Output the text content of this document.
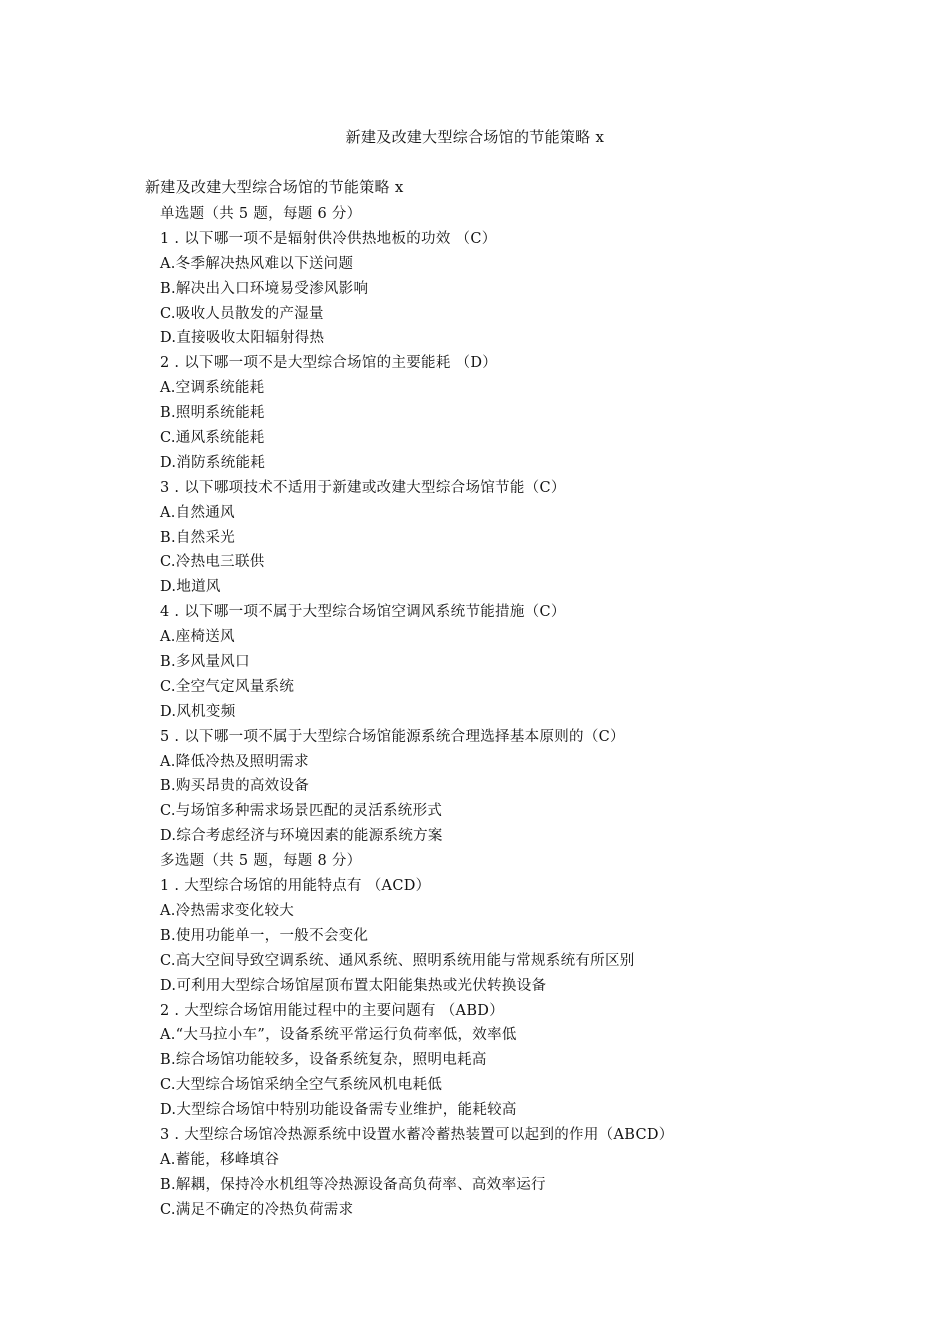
新建及改建大型综合场馆的节能策略 x
新建及改建大型综合场馆的节能策略 x
单选题（共 5 题，每题 6 分）
1 . 以下哪一项不是辐射供冷供热地板的功效 （C）
A.冬季解决热风难以下送问题
B.解决出入口环境易受渗风影响
C.吸收人员散发的产湿量
D.直接吸收太阳辐射得热
2 . 以下哪一项不是大型综合场馆的主要能耗 （D）
A.空调系统能耗
B.照明系统能耗
C.通风系统能耗
D.消防系统能耗
3 . 以下哪项技术不适用于新建或改建大型综合场馆节能（C）
A.自然通风
B.自然采光
C.冷热电三联供
D.地道风
4 . 以下哪一项不属于大型综合场馆空调风系统节能措施（C）
A.座椅送风
B.多风量风口
C.全空气定风量系统
D.风机变频
5 . 以下哪一项不属于大型综合场馆能源系统合理选择基本原则的（C）
A.降低冷热及照明需求
B.购买昂贵的高效设备
C.与场馆多种需求场景匹配的灵活系统形式
D.综合考虑经济与环境因素的能源系统方案
多选题（共 5 题，每题 8 分）
1 . 大型综合场馆的用能特点有 （ACD）
A.冷热需求变化较大
B.使用功能单一，一般不会变化
C.高大空间导致空调系统、通风系统、照明系统用能与常规系统有所区别
D.可利用大型综合场馆屋顶布置太阳能集热或光伏转换设备
2 . 大型综合场馆用能过程中的主要问题有 （ABD）
A.“大马拉小车”，设备系统平常运行负荷率低，效率低
B.综合场馆功能较多，设备系统复杂，照明电耗高
C.大型综合场馆采纳全空气系统风机电耗低
D.大型综合场馆中特别功能设备需专业维护，能耗较高
3 . 大型综合场馆冷热源系统中设置水蓄冷蓄热装置可以起到的作用（ABCD）
A.蓄能，移峰填谷
B.解耦，保持冷水机组等冷热源设备高负荷率、高效率运行
C.满足不确定的冷热负荷需求
